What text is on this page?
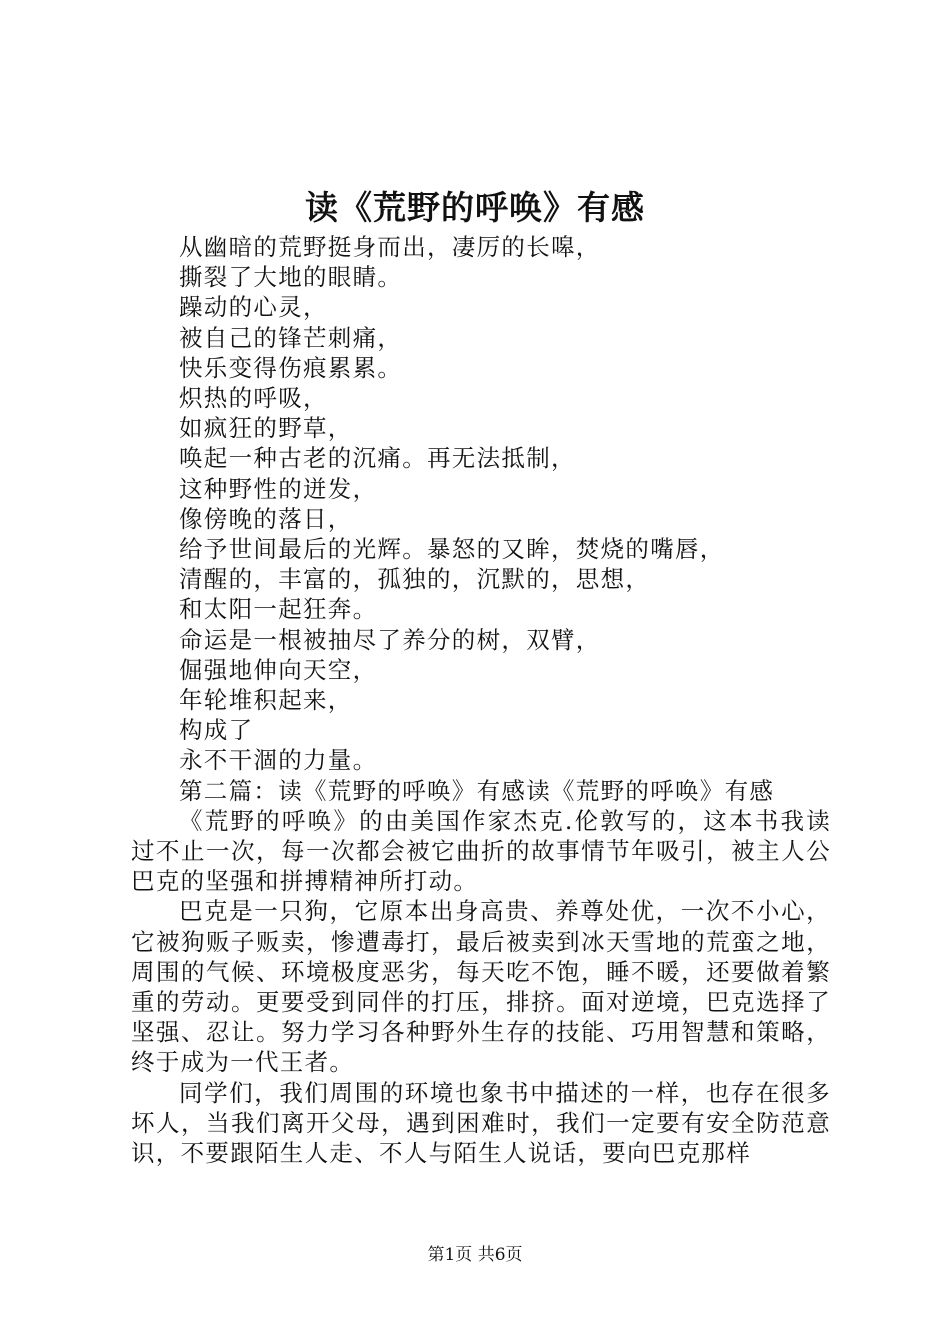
读《荒野的呼唤》有感
从幽暗的荒野挺身而出，凄厉的长嗥，
撕裂了大地的眼睛。
躁动的心灵，
被自己的锋芒刺痛，
快乐变得伤痕累累。
炽热的呼吸，
如疯狂的野草，
唤起一种古老的沉痛。再无法抵制，
这种野性的迸发，
像傍晚的落日，
给予世间最后的光辉。暴怒的又眸，焚烧的嘴唇，
清醒的，丰富的，孤独的，沉默的，思想，
和太阳一起狂奔。
命运是一根被抽尽了养分的树，双臂，
倔强地伸向天空，
年轮堆积起来，
构成了
永不干涸的力量。
第二篇：读《荒野的呼唤》有感读《荒野的呼唤》有感

《荒野的呼唤》的由美国作家杰克.伦敦写的，这本书我读过不止一次，每一次都会被它曲折的故事情节年吸引，被主人公巴克的坚强和拼搏精神所打动。

巴克是一只狗，它原本出身高贵、养尊处优，一次不小心，它被狗贩子贩卖，惨遭毒打，最后被卖到冰天雪地的荒蛮之地，周围的气候、环境极度恶劣，每天吃不饱，睡不暖，还要做着繁重的劳动。更要受到同伴的打压，排挤。面对逆境，巴克选择了坚强、忍让。努力学习各种野外生存的技能、巧用智慧和策略，终于成为一代王者。

同学们，我们周围的环境也象书中描述的一样，也存在很多坏人，当我们离开父母，遇到困难时，我们一定要有安全防范意识，不要跟陌生人走、不人与陌生人说话，要向巴克那样

第1页 共6页
